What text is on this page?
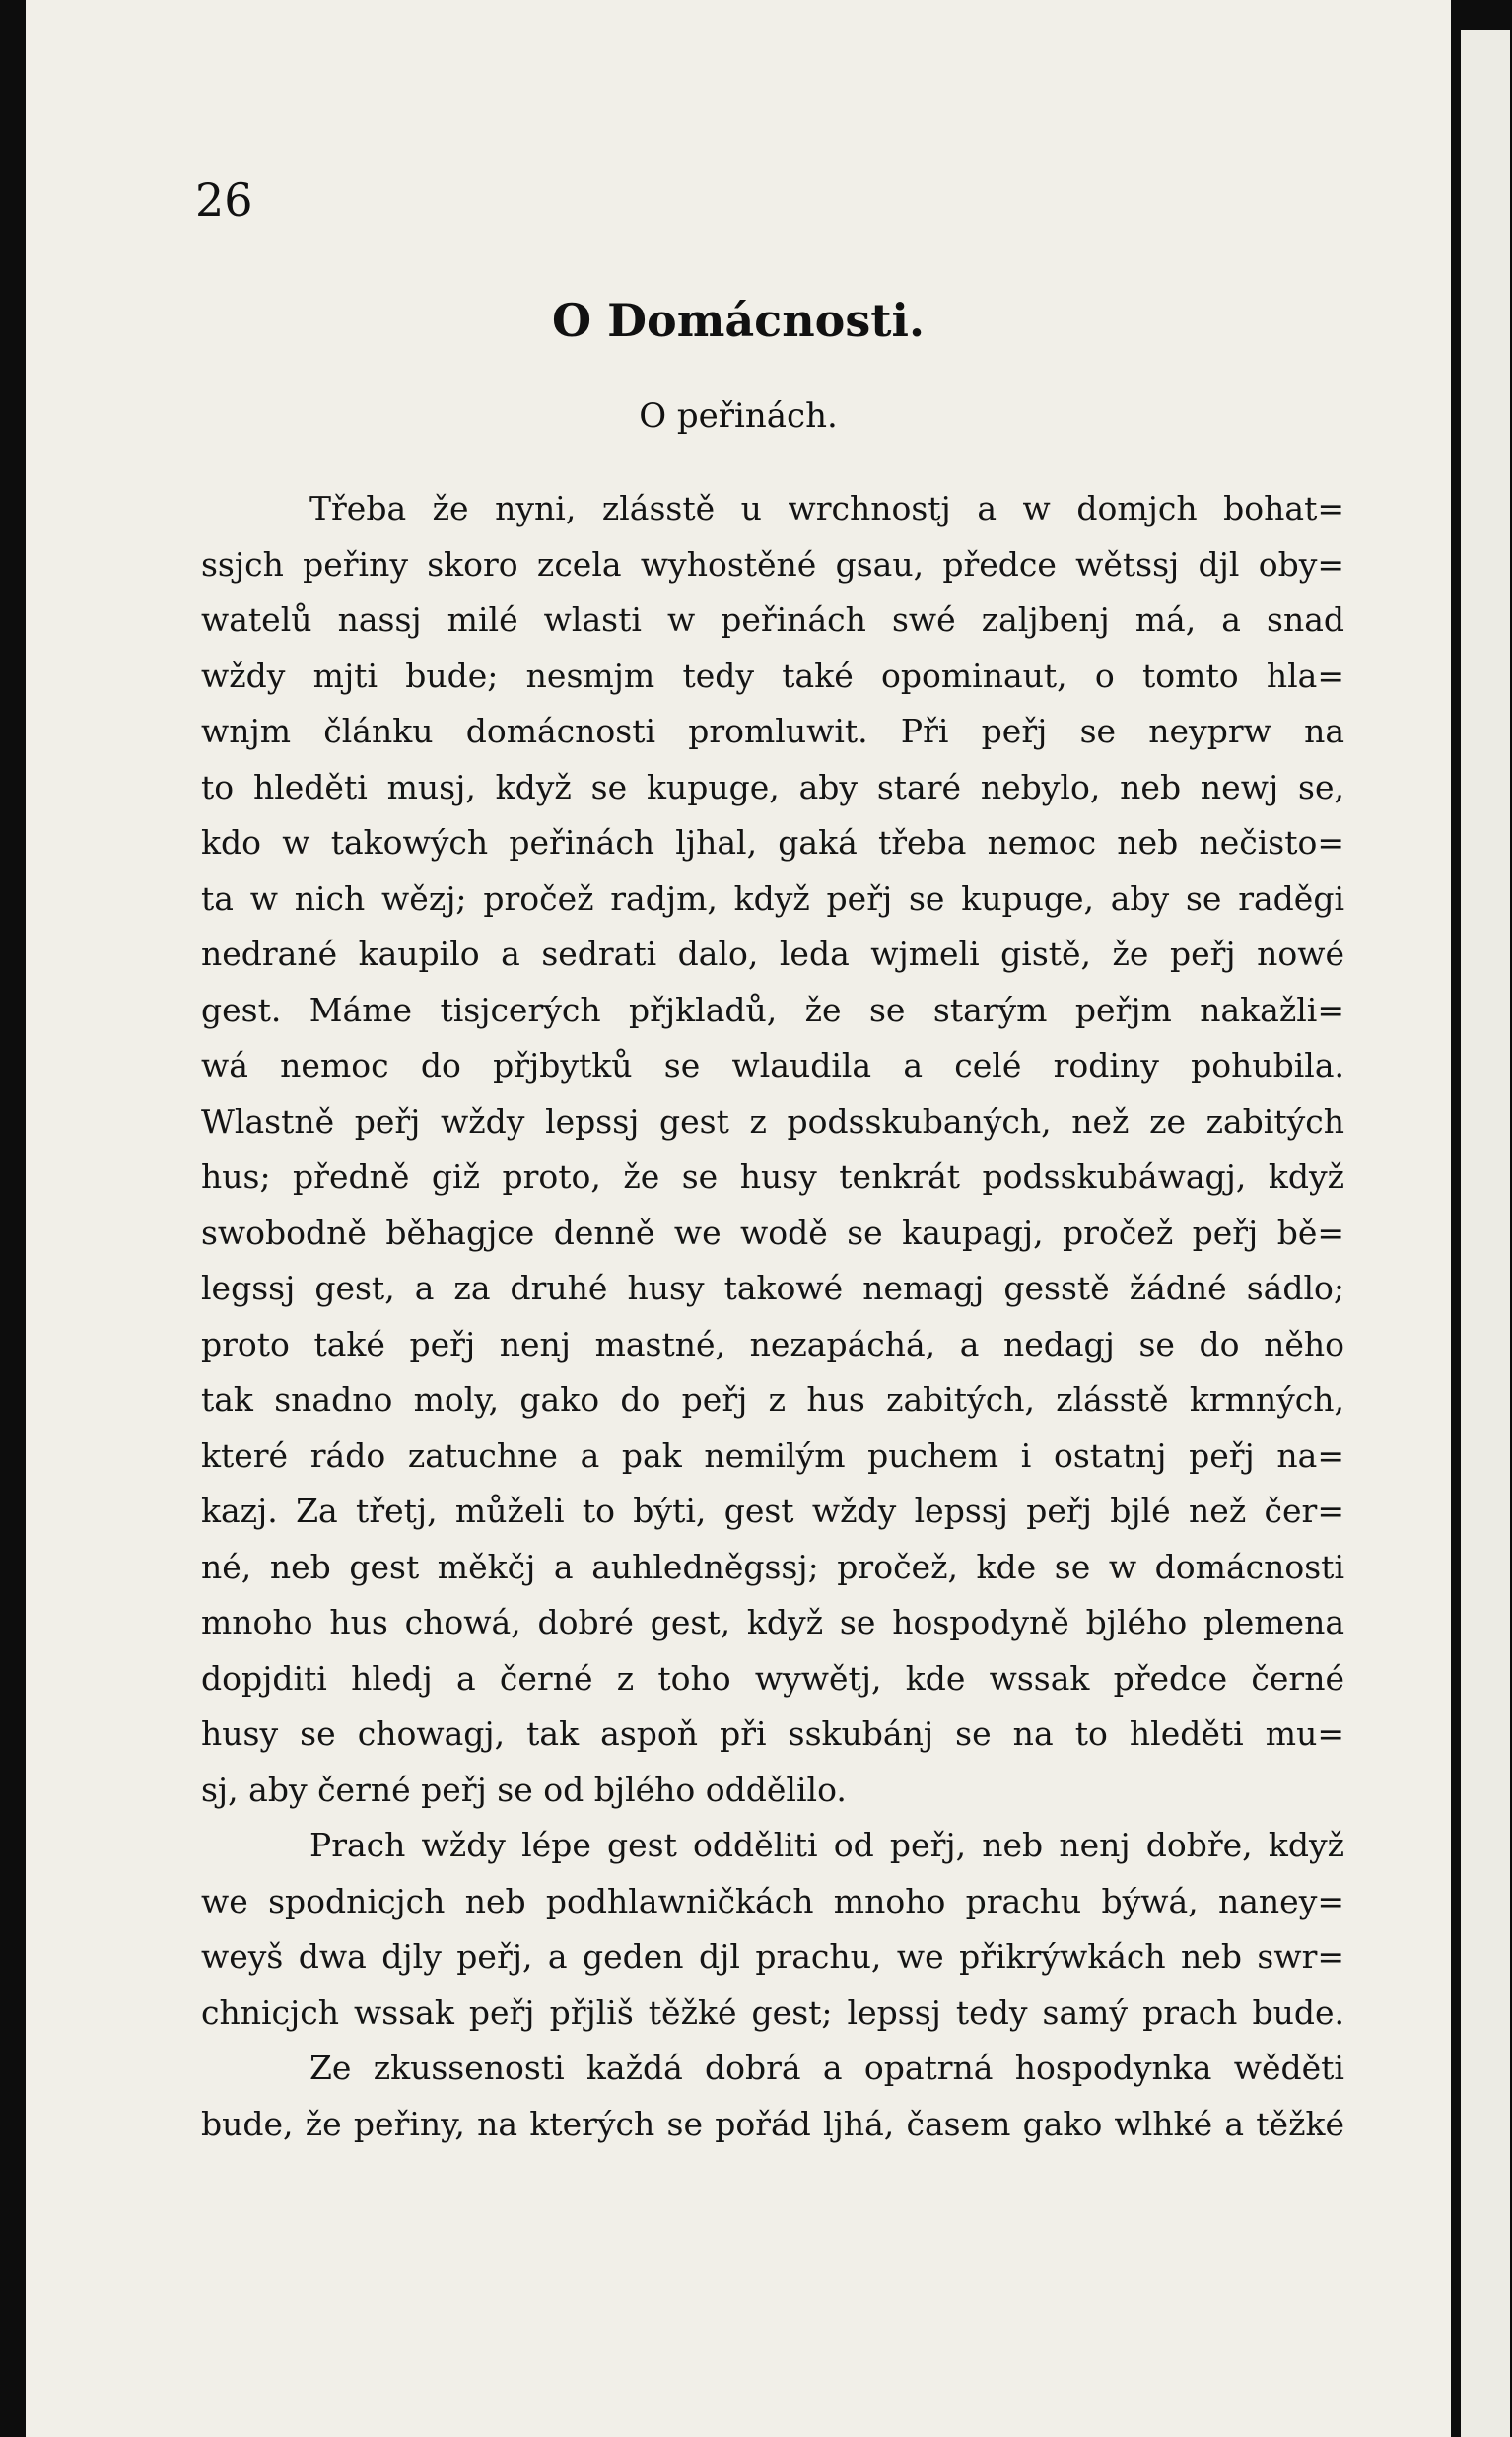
26
O Domácnosti.
O peřinách.
Třeba že nyni, zlásstě u wrchnostj a w domjch bohat=
ssjch peřiny skoro zcela wyhostěné gsau, předce wětssj djl oby=
watelů nassj milé wlasti w peřinách swé zaljbenj má, a snad
wždy mjti bude; nesmjm tedy také opominaut, o tomto hla=
wnjm článku domácnosti promluwit. Při peřj se neyprw na
to hleděti musj, když se kupuge, aby staré nebylo, neb newj se,
kdo w takowých peřinách ljhal, gaká třeba nemoc neb nečisto=
ta w nich wězj; pročež radjm, když peřj se kupuge, aby se raděgi
nedrané kaupilo a sedrati dalo, leda wjmeli gistě, že peřj nowé
gest. Máme tisjcerých přjkladů, že se starým peřjm nakažli=
wá nemoc do přjbytků se wlaudila a celé rodiny pohubila.
Wlastně peřj wždy lepssj gest z podsskubaných, než ze zabitých
hus; předně giž proto, že se husy tenkrát podsskubáwagj, když
swobodně běhagjce denně we wodě se kaupagj, pročež peřj bě=
legssj gest, a za druhé husy takowé nemagj gesstě žádné sádlo;
proto také peřj nenj mastné, nezapáchá, a nedagj se do něho
tak snadno moly, gako do peřj z hus zabitých, zlásstě krmných,
které rádo zatuchne a pak nemilým puchem i ostatnj peřj na=
kazj. Za třetj, můželi to býti, gest wždy lepssj peřj bjlé než čer=
né, neb gest měkčj a auhledněgssj; pročež, kde se w domácnosti
mnoho hus chowá, dobré gest, když se hospodyně bjlého plemena
dopjditi hledj a černé z toho wywětj, kde wssak předce černé
husy se chowagj, tak aspoň při sskubánj se na to hleděti mu=
sj, aby černé peřj se od bjlého oddělilo.
Prach wždy lépe gest odděliti od peřj, neb nenj dobře, když
we spodnicjch neb podhlawničkách mnoho prachu býwá, naney=
weyš dwa djly peřj, a geden djl prachu, we přikrýwkách neb swr=
chnicjch wssak peřj přjliš těžké gest; lepssj tedy samý prach bude.
Ze zkussenosti každá dobrá a opatrná hospodynka wěděti
bude, že peřiny, na kterých se pořád ljhá, časem gako wlhké a těžké
